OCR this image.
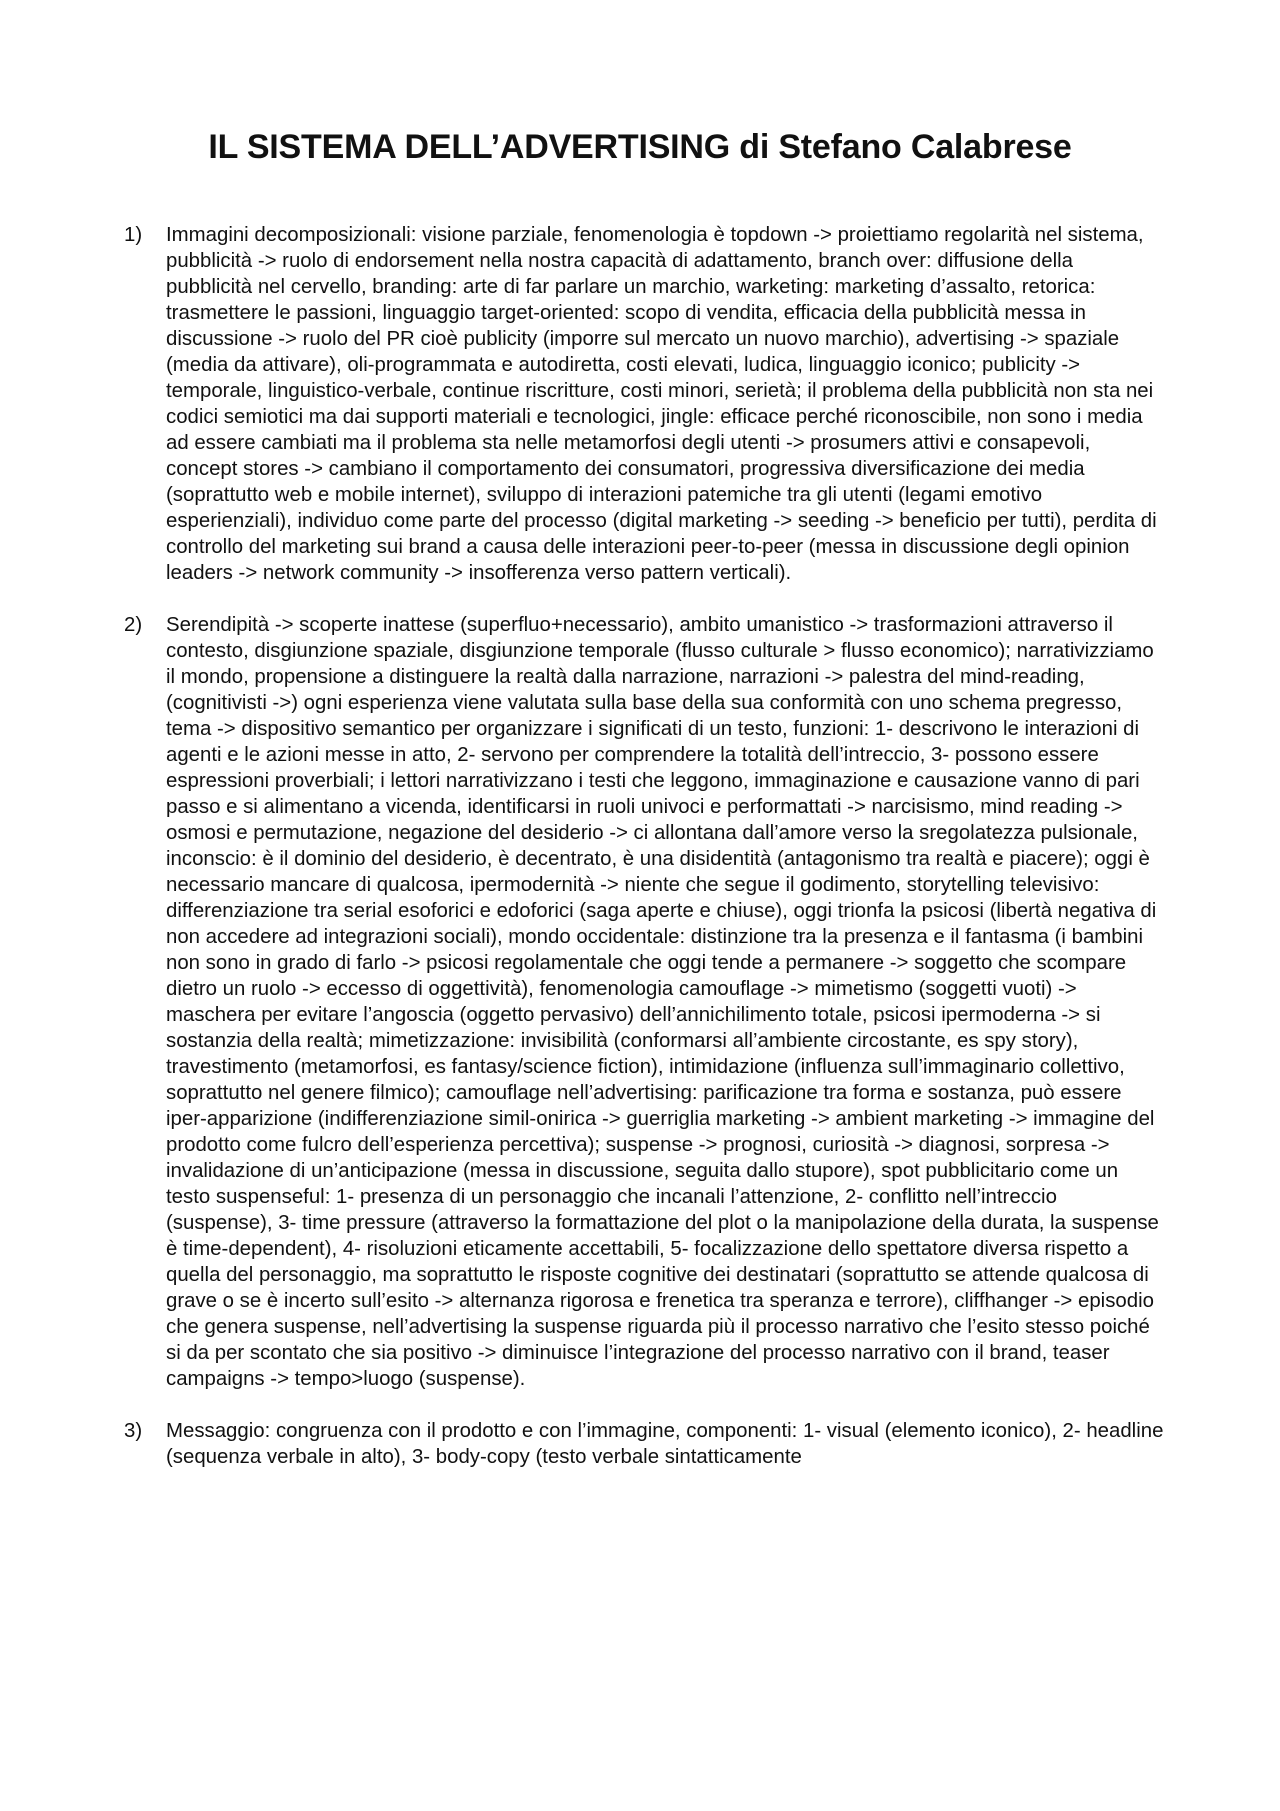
IL SISTEMA DELL’ADVERTISING di Stefano Calabrese
1) Immagini decomposizionali: visione parziale, fenomenologia è topdown -> proiettiamo regolarità nel sistema, pubblicità -> ruolo di endorsement nella nostra capacità di adattamento, branch over: diffusione della pubblicità nel cervello, branding: arte di far parlare un marchio, warketing: marketing d’assalto, retorica: trasmettere le passioni, linguaggio target-oriented: scopo di vendita, efficacia della pubblicità messa in discussione -> ruolo del PR cioè publicity (imporre sul mercato un nuovo marchio), advertising -> spaziale (media da attivare), oli-programmata e autodiretta, costi elevati, ludica, linguaggio iconico; publicity -> temporale, linguistico-verbale, continue riscritture, costi minori, serietà; il problema della pubblicità non sta nei codici semiotici ma dai supporti materiali e tecnologici, jingle: efficace perché riconoscibile, non sono i media ad essere cambiati ma il problema sta nelle metamorfosi degli utenti -> prosumers attivi e consapevoli, concept stores -> cambiano il comportamento dei consumatori, progressiva diversificazione dei media (soprattutto web e mobile internet), sviluppo di interazioni patemiche tra gli utenti (legami emotivo esperienziali), individuo come parte del processo (digital marketing -> seeding -> beneficio per tutti), perdita di controllo del marketing sui brand a causa delle interazioni peer-to-peer (messa in discussione degli opinion leaders -> network community -> insofferenza verso pattern verticali).
2) Serendipità -> scoperte inattese (superfluo+necessario), ambito umanistico -> trasformazioni attraverso il contesto, disgiunzione spaziale, disgiunzione temporale (flusso culturale > flusso economico); narrativizziamo il mondo, propensione a distinguere la realtà dalla narrazione, narrazioni -> palestra del mind-reading, (cognitivisti ->) ogni esperienza viene valutata sulla base della sua conformità con uno schema pregresso, tema -> dispositivo semantico per organizzare i significati di un testo, funzioni: 1- descrivono le interazioni di agenti e le azioni messe in atto, 2- servono per comprendere la totalità dell’intreccio, 3- possono essere espressioni proverbiali; i lettori narrativizzano i testi che leggono, immaginazione e causazione vanno di pari passo e si alimentano a vicenda, identificarsi in ruoli univoci e performattati -> narcisismo, mind reading -> osmosi e permutazione, negazione del desiderio -> ci allontana dall’amore verso la sregolatezza pulsionale, inconscio: è il dominio del desiderio, è decentrato, è una disidentità (antagonismo tra realtà e piacere); oggi è necessario mancare di qualcosa, ipermodernità -> niente che segue il godimento, storytelling televisivo: differenziazione tra serial esoforici e edoforici (saga aperte e chiuse), oggi trionfa la psicosi (libertà negativa di non accedere ad integrazioni sociali), mondo occidentale: distinzione tra la presenza e il fantasma (i bambini non sono in grado di farlo -> psicosi regolamentale che oggi tende a permanere -> soggetto che scompare dietro un ruolo -> eccesso di oggettività), fenomenologia camouflage -> mimetismo (soggetti vuoti) -> maschera per evitare l’angoscia (oggetto pervasivo) dell’annichilimento totale, psicosi ipermoderna -> si sostanzia della realtà; mimetizzazione: invisibilità (conformarsi all’ambiente circostante, es spy story), travestimento (metamorfosi, es fantasy/science fiction), intimidazione (influenza sull’immaginario collettivo, soprattutto nel genere filmico); camouflage nell’advertising: parificazione tra forma e sostanza, può essere iper-apparizione (indifferenziazione simil-onirica -> guerriglia marketing -> ambient marketing -> immagine del prodotto come fulcro dell’esperienza percettiva); suspense -> prognosi, curiosità -> diagnosi, sorpresa -> invalidazione di un’anticipazione (messa in discussione, seguita dallo stupore), spot pubblicitario come un testo suspenseful: 1- presenza di un personaggio che incanali l’attenzione, 2- conflitto nell’intreccio (suspense), 3- time pressure (attraverso la formattazione del plot o la manipolazione della durata, la suspense è time-dependent), 4- risoluzioni eticamente accettabili, 5- focalizzazione dello spettatore diversa rispetto a quella del personaggio, ma soprattutto le risposte cognitive dei destinatari (soprattutto se attende qualcosa di grave o se è incerto sull’esito -> alternanza rigorosa e frenetica tra speranza e terrore), cliffhanger -> episodio che genera suspense, nell’advertising la suspense riguarda più il processo narrativo che l’esito stesso poiché si da per scontato che sia positivo -> diminuisce l’integrazione del processo narrativo con il brand, teaser campaigns -> tempo>luogo (suspense).
3) Messaggio: congruenza con il prodotto e con l’immagine, componenti: 1- visual (elemento iconico), 2- headline (sequenza verbale in alto), 3- body-copy (testo verbale sintatticamente
